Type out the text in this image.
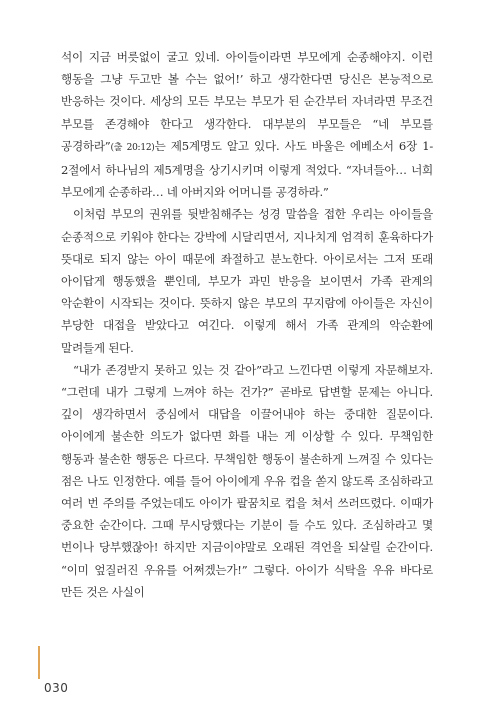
석이 지금 버릇없이 굴고 있네. 아이들이라면 부모에게 순종해야지. 이런 행동을 그냥 두고만 볼 수는 없어!’ 하고 생각한다면 당신은 본능적으로 반응하는 것이다. 세상의 모든 부모는 부모가 된 순간부터 자녀라면 무조건 부모를 존경해야 한다고 생각한다. 대부분의 부모들은 “네 부모를 공경하라”(출 20:12)는 제5계명도 알고 있다. 사도 바울은 에베소서 6장 1-2절에서 하나님의 제5계명을 상기시키며 이렇게 적었다. “자녀들아… 너희 부모에게 순종하라… 네 아버지와 어머니를 공경하라.”

이처럼 부모의 권위를 뒷받침해주는 성경 말씀을 접한 우리는 아이들을 순종적으로 키워야 한다는 강박에 시달리면서, 지나치게 엄격히 훈육하다가 뜻대로 되지 않는 아이 때문에 좌절하고 분노한다. 아이로서는 그저 또래 아이답게 행동했을 뿐인데, 부모가 과민 반응을 보이면서 가족 관계의 악순환이 시작되는 것이다. 뜻하지 않은 부모의 꾸지람에 아이들은 자신이 부당한 대접을 받았다고 여긴다. 이렇게 해서 가족 관계의 악순환에 말려들게 된다.

“내가 존경받지 못하고 있는 것 같아”라고 느낀다면 이렇게 자문해보자. “그런데 내가 그렇게 느껴야 하는 건가?” 곧바로 답변할 문제는 아니다. 깊이 생각하면서 중심에서 대답을 이끌어내야 하는 중대한 질문이다. 아이에게 불손한 의도가 없다면 화를 내는 게 이상할 수 있다. 무책임한 행동과 불손한 행동은 다르다. 무책임한 행동이 불손하게 느껴질 수 있다는 점은 나도 인정한다. 예를 들어 아이에게 우유 컵을 쏟지 않도록 조심하라고 여러 번 주의를 주었는데도 아이가 팔꿈치로 컵을 쳐서 쓰러뜨렸다. 이때가 중요한 순간이다. 그때 무시당했다는 기분이 들 수도 있다. 조심하라고 몇 번이나 당부했잖아! 하지만 지금이야말로 오래된 격언을 되살릴 순간이다. “이미 엎질러진 우유를 어쩌겠는가!” 그렇다. 아이가 식탁을 우유 바다로 만든 것은 사실이

030
